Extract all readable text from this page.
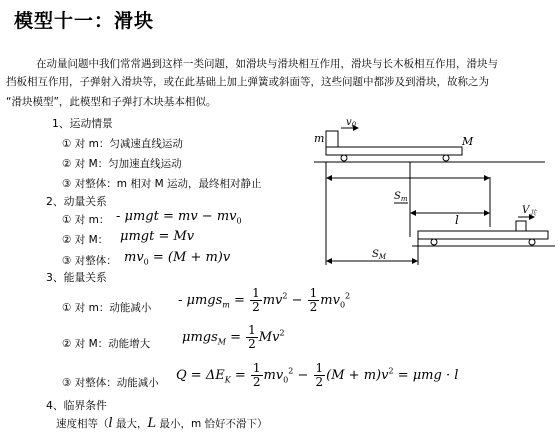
模型十一：滑块
在动量问题中我们常常遇到这样一类问题，如滑块与滑块相互作用，滑块与长木板相互作用，滑块与
挡板相互作用，子弹射入滑块等，或在此基础上加上弹簧或斜面等，这些问题中都涉及到滑块，故称之为
“滑块模型”，此模型和子弹打木块基本相似。
1、运动情景
① 对 m：匀减速直线运动
② 对 M：匀加速直线运动
③ 对整体：m 相对 M 运动，最终相对静止
2、动量关系
① 对 m： - μmgt = mv − $mv_0$
② 对 M： μmgt = Mv
③ 对整体： $mv_0 = (M + m)v$
3、能量关系
① 对 m：动能减小 - $\mu mgs_m = \frac{1}{2} mv^2 - \frac{1}{2} mv_0^2$
② 对 M：动能增大 $\mu mgs_M = \frac{1}{2} Mv^2$
③ 对整体：动能减小 $Q = \Delta E_K = \frac{1}{2} mv_0^2 - \frac{1}{2} (M + m)v^2 = \mu mg \cdot l$
4、临界条件
速度相等（l 最大，L 最小，m 恰好不滑下）
m
$v_0$
M
$S_m$
l
$V_共$
$S_M$
